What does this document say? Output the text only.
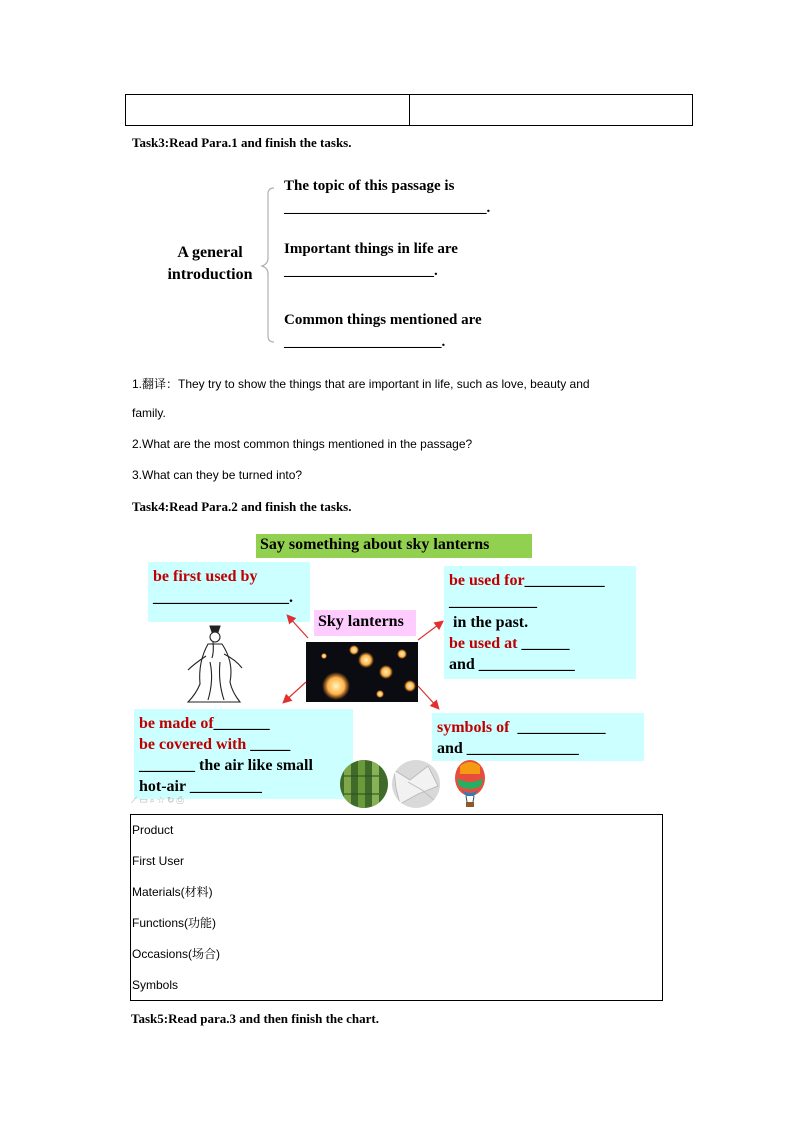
Task3:Read Para.1 and finish the tasks.
A general
introduction
The topic of this passage is
___________________________.
Important things in life are
____________________.
Common things mentioned are
_____________________.
1.翻译：They try to show the things that are important in life, such as love, beauty and
family.
2.What are the most common things mentioned in the passage?
3.What can they be turned into?
Task4:Read Para.2 and finish the tasks.
Say something about sky lanterns
be first used by
_________________.
be used for__________
___________
in the past.
be used at ______
and ____________
Sky lanterns
be made of_______
be covered with _____
_______ the air like small
hot-air _________
symbols of  ___________
and ______________
⟋▭⌕☆↻⎙
Product
First User
Materials(材料)
Functions(功能)
Occasions(场合)
Symbols
Task5:Read para.3 and then finish the chart.
